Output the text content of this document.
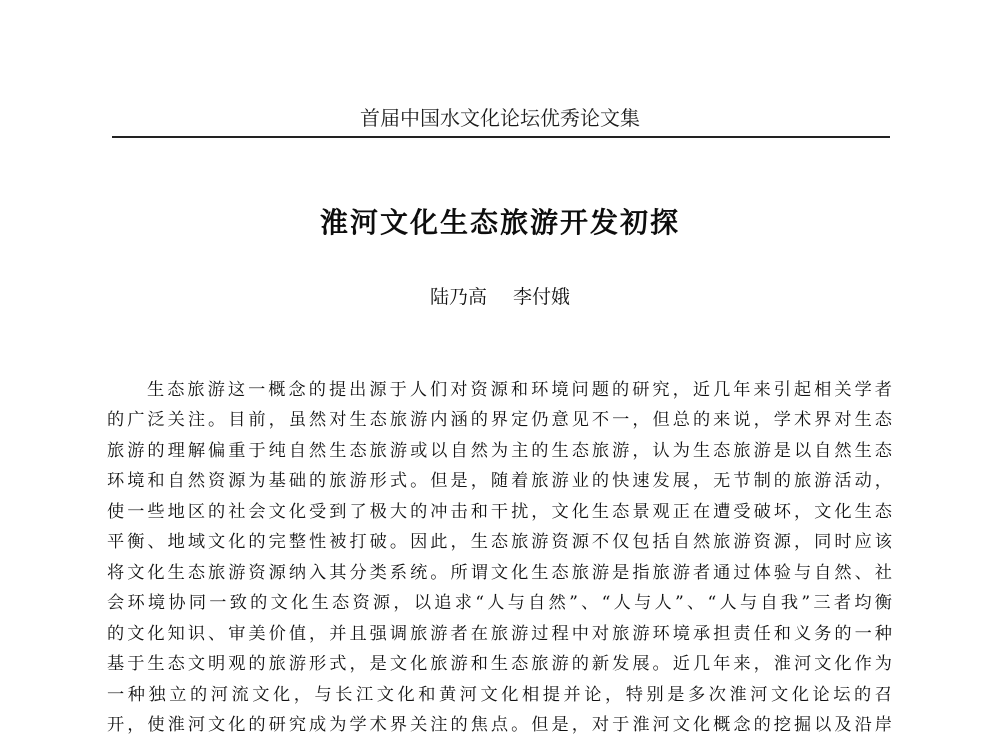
首届中国水文化论坛优秀论文集
淮河文化生态旅游开发初探
陆乃高 李付娥
生态旅游这一概念的提出源于人们对资源和环境问题的研究，近几年来引起相关学者
的广泛关注。目前，虽然对生态旅游内涵的界定仍意见不一，但总的来说，学术界对生态
旅游的理解偏重于纯自然生态旅游或以自然为主的生态旅游，认为生态旅游是以自然生态
环境和自然资源为基础的旅游形式。但是，随着旅游业的快速发展，无节制的旅游活动，
使一些地区的社会文化受到了极大的冲击和干扰，文化生态景观正在遭受破坏，文化生态
平衡、地域文化的完整性被打破。因此，生态旅游资源不仅包括自然旅游资源，同时应该
将文化生态旅游资源纳入其分类系统。所谓文化生态旅游是指旅游者通过体验与自然、社
会环境协同一致的文化生态资源，以追求“人与自然”、“人与人”、“人与自我”三者均衡
的文化知识、审美价值，并且强调旅游者在旅游过程中对旅游环境承担责任和义务的一种
基于生态文明观的旅游形式，是文化旅游和生态旅游的新发展。近几年来，淮河文化作为
一种独立的河流文化，与长江文化和黄河文化相提并论，特别是多次淮河文化论坛的召
开，使淮河文化的研究成为学术界关注的焦点。但是，对于淮河文化概念的挖掘以及沿岸
